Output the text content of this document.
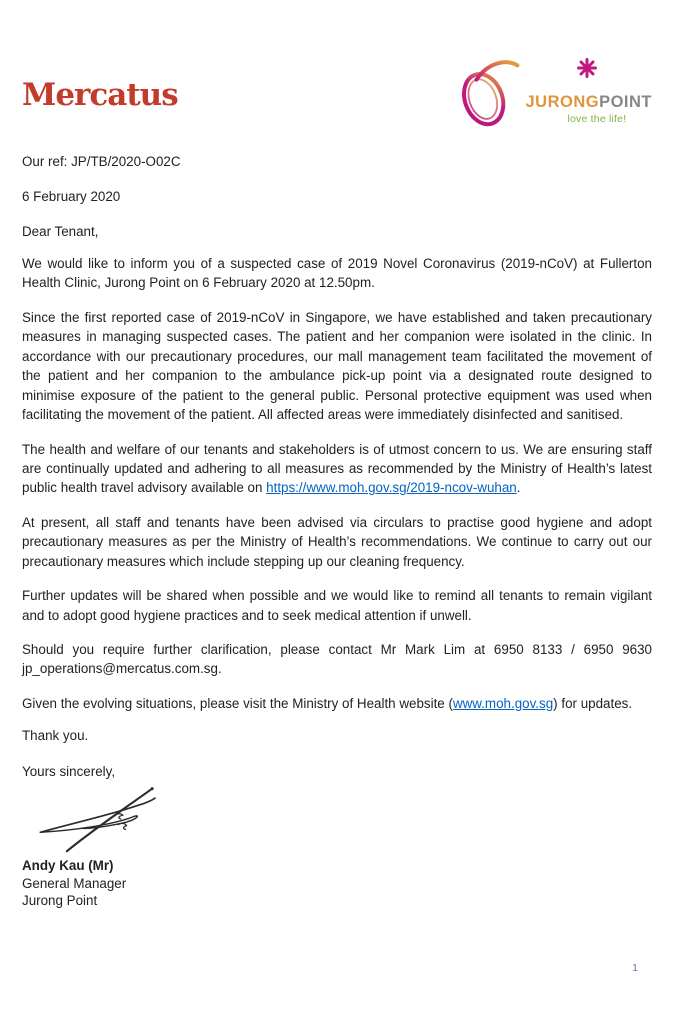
Mercatus	JURONGPOINT
love the life!
Our ref: JP/TB/2020-O02C
6 February 2020
Dear Tenant,

We would like to inform you of a suspected case of 2019 Novel Coronavirus (2019-nCoV) at Fullerton Health Clinic, Jurong Point on 6 February 2020 at 12.50pm.

Since the first reported case of 2019-nCoV in Singapore, we have established and taken precautionary measures in managing suspected cases. The patient and her companion were isolated in the clinic. In accordance with our precautionary procedures, our mall management team facilitated the movement of the patient and her companion to the ambulance pick-up point via a designated route designed to minimise exposure of the patient to the general public. Personal protective equipment was used when facilitating the movement of the patient. All affected areas were immediately disinfected and sanitised.

The health and welfare of our tenants and stakeholders is of utmost concern to us. We are ensuring staff are continually updated and adhering to all measures as recommended by the Ministry of Health’s latest public health travel advisory available on https://www.moh.gov.sg/2019-ncov-wuhan.

At present, all staff and tenants have been advised via circulars to practise good hygiene and adopt precautionary measures as per the Ministry of Health’s recommendations. We continue to carry out our precautionary measures which include stepping up our cleaning frequency.

Further updates will be shared when possible and we would like to remind all tenants to remain vigilant and to adopt good hygiene practices and to seek medical attention if unwell.

Should you require further clarification, please contact Mr Mark Lim at 6950 8133 / 6950 9630 jp_operations@mercatus.com.sg.

Given the evolving situations, please visit the Ministry of Health website (www.moh.gov.sg) for updates.

Thank you.
Yours sincerely,
Andy Kau (Mr)
General Manager
Jurong Point
1
